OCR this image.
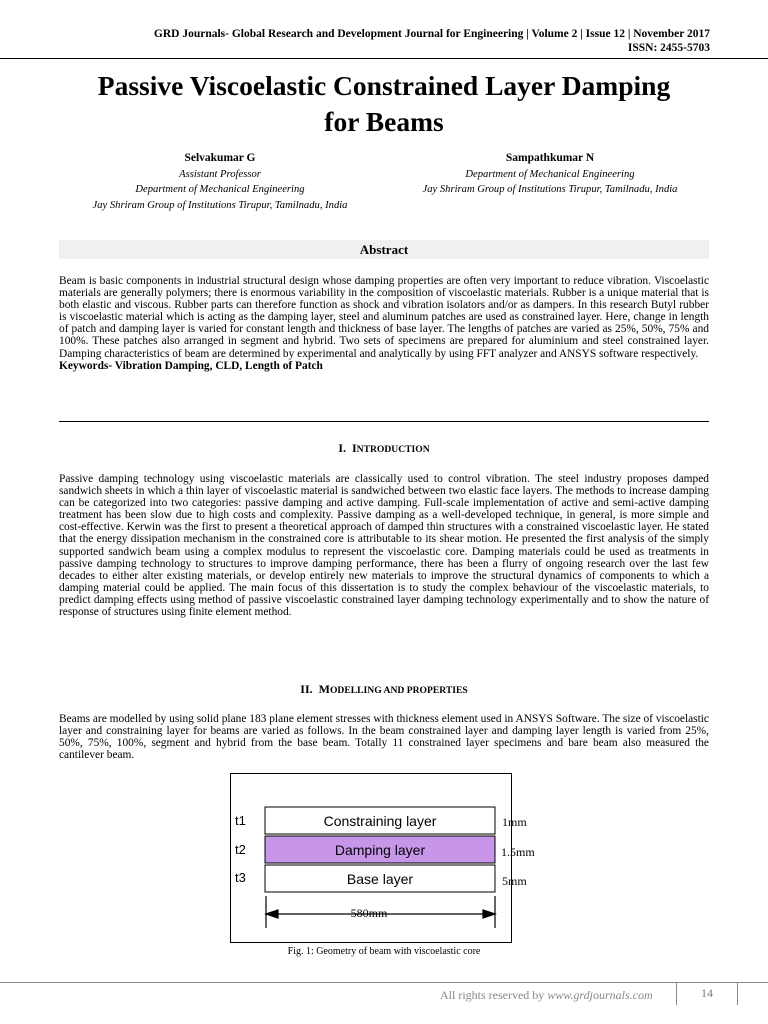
GRD Journals- Global Research and Development Journal for Engineering | Volume 2 | Issue 12 | November 2017
ISSN: 2455-5703
Passive Viscoelastic Constrained Layer Damping
for Beams
Selvakumar G
Assistant Professor
Department of Mechanical Engineering
Jay Shriram Group of Institutions Tirupur, Tamilnadu, India
Sampathkumar N
Department of Mechanical Engineering
Jay Shriram Group of Institutions Tirupur, Tamilnadu, India
Abstract
Beam is basic components in industrial structural design whose damping properties are often very important to reduce vibration. Viscoelastic materials are generally polymers; there is enormous variability in the composition of viscoelastic materials. Rubber is a unique material that is both elastic and viscous. Rubber parts can therefore function as shock and vibration isolators and/or as dampers. In this research Butyl rubber is viscoelastic material which is acting as the damping layer, steel and aluminum patches are used as constrained layer. Here, change in length of patch and damping layer is varied for constant length and thickness of base layer. The lengths of patches are varied as 25%, 50%, 75% and 100%. These patches also arranged in segment and hybrid. Two sets of specimens are prepared for aluminium and steel constrained layer. Damping characteristics of beam are determined by experimental and analytically by using FFT analyzer and ANSYS software respectively.
Keywords- Vibration Damping, CLD, Length of Patch
I. INTRODUCTION
Passive damping technology using viscoelastic materials are classically used to control vibration. The steel industry proposes damped sandwich sheets in which a thin layer of viscoelastic material is sandwiched between two elastic face layers. The methods to increase damping can be categorized into two categories: passive damping and active damping. Full-scale implementation of active and semi-active damping treatment has been slow due to high costs and complexity. Passive damping as a well-developed technique, in general, is more simple and cost-effective. Kerwin was the first to present a theoretical approach of damped thin structures with a constrained viscoelastic layer. He stated that the energy dissipation mechanism in the constrained core is attributable to its shear motion. He presented the first analysis of the simply supported sandwich beam using a complex modulus to represent the viscoelastic core. Damping materials could be used as treatments in passive damping technology to structures to improve damping performance, there has been a flurry of ongoing research over the last few decades to either alter existing materials, or develop entirely new materials to improve the structural dynamics of components to which a damping material could be applied. The main focus of this dissertation is to study the complex behaviour of the viscoelastic materials, to predict damping effects using method of passive viscoelastic constrained layer damping technology experimentally and to show the nature of response of structures using finite element method.
II. MODELLING AND PROPERTIES
Beams are modelled by using solid plane 183 plane element stresses with thickness element used in ANSYS Software. The size of viscoelastic layer and constraining layer for beams are varied as follows. In the beam constrained layer and damping layer length is varied from 25%, 50%, 75%, 100%, segment and hybrid from the base beam. Totally 11 constrained layer specimens and bare beam also measured the cantilever beam.
t1
t2
t3
Constraining layer
Damping layer
Base layer
1mm
1.5mm
5mm
580mm
Fig. 1: Geometry of beam with viscoelastic core
All rights reserved by www.grdjournals.com	14
